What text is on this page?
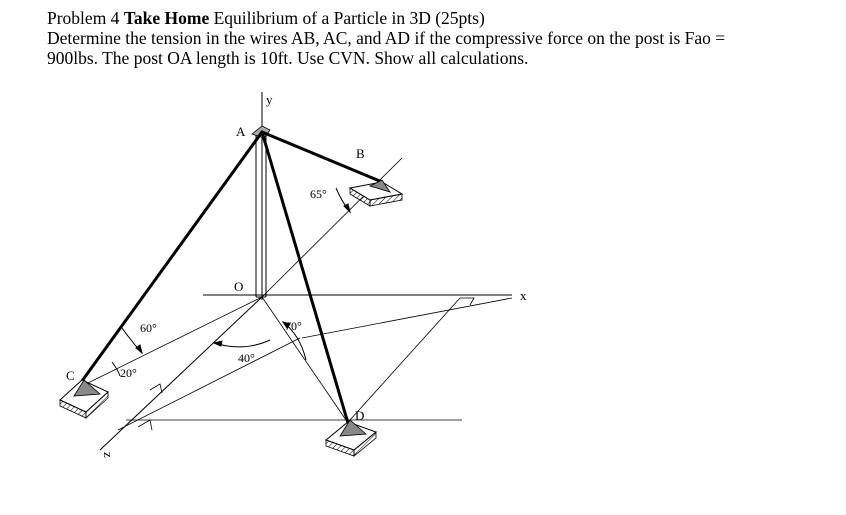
Problem 4 Take Home Equilibrium of a Particle in 3D (25pts)

Determine the tension in the wires AB, AC, and AD if the compressive force on the post is Fao =

900lbs. The post OA length is 10ft. Use CVN. Show all calculations.

y
x
z
A
B
C
D
O
65°
60°
20°
70°
40°
